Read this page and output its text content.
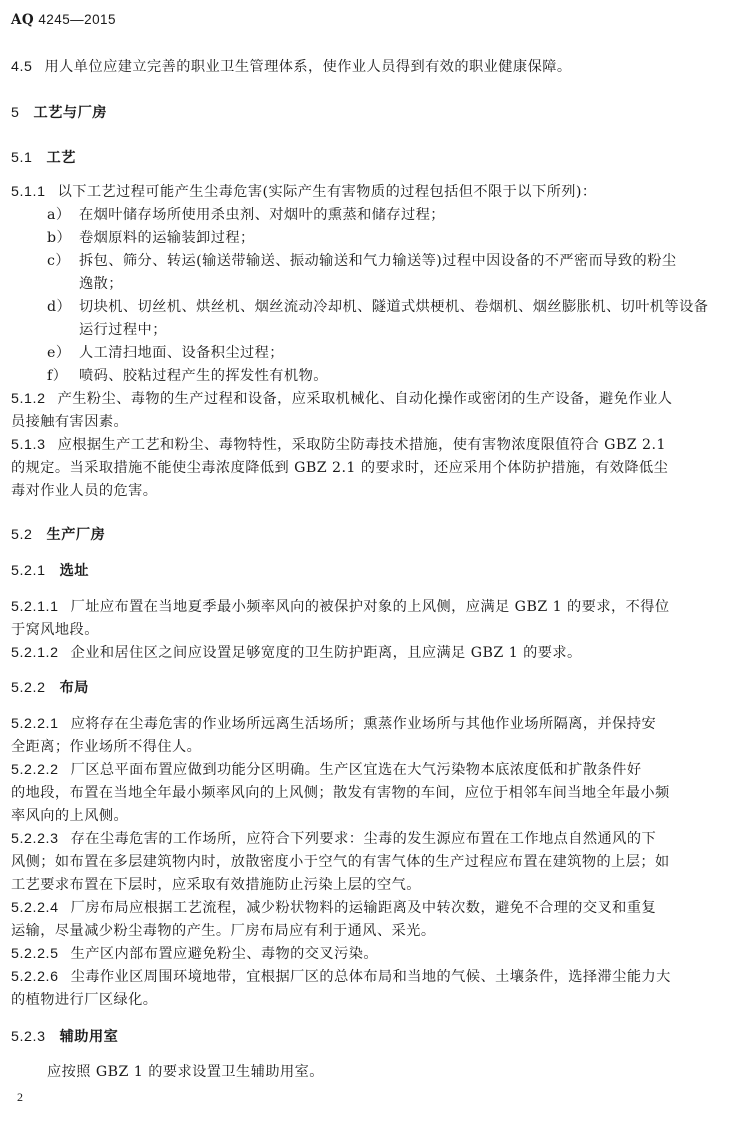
AQ 4245—2015
4.5 用人单位应建立完善的职业卫生管理体系，使作业人员得到有效的职业健康保障。
5 工艺与厂房
5.1 工艺
5.1.1 以下工艺过程可能产生尘毒危害(实际产生有害物质的过程包括但不限于以下所列)：
a） 在烟叶储存场所使用杀虫剂、对烟叶的熏蒸和储存过程；
b） 卷烟原料的运输装卸过程；
c） 拆包、筛分、转运(输送带输送、振动输送和气力输送等)过程中因设备的不严密而导致的粉尘
逸散；
d） 切块机、切丝机、烘丝机、烟丝流动冷却机、隧道式烘梗机、卷烟机、烟丝膨胀机、切叶机等设备
运行过程中；
e） 人工清扫地面、设备积尘过程；
f） 喷码、胶粘过程产生的挥发性有机物。
5.1.2 产生粉尘、毒物的生产过程和设备，应采取机械化、自动化操作或密闭的生产设备，避免作业人
员接触有害因素。
5.1.3 应根据生产工艺和粉尘、毒物特性，采取防尘防毒技术措施，使有害物浓度限值符合 GBZ 2.1
的规定。当采取措施不能使尘毒浓度降低到 GBZ 2.1 的要求时，还应采用个体防护措施，有效降低尘
毒对作业人员的危害。
5.2 生产厂房
5.2.1 选址
5.2.1.1 厂址应布置在当地夏季最小频率风向的被保护对象的上风侧，应满足 GBZ 1 的要求，不得位
于窝风地段。
5.2.1.2 企业和居住区之间应设置足够宽度的卫生防护距离，且应满足 GBZ 1 的要求。
5.2.2 布局
5.2.2.1 应将存在尘毒危害的作业场所远离生活场所；熏蒸作业场所与其他作业场所隔离，并保持安
全距离；作业场所不得住人。
5.2.2.2 厂区总平面布置应做到功能分区明确。生产区宜选在大气污染物本底浓度低和扩散条件好
的地段，布置在当地全年最小频率风向的上风侧；散发有害物的车间，应位于相邻车间当地全年最小频
率风向的上风侧。
5.2.2.3 存在尘毒危害的工作场所，应符合下列要求：尘毒的发生源应布置在工作地点自然通风的下
风侧；如布置在多层建筑物内时，放散密度小于空气的有害气体的生产过程应布置在建筑物的上层；如
工艺要求布置在下层时，应采取有效措施防止污染上层的空气。
5.2.2.4 厂房布局应根据工艺流程，减少粉状物料的运输距离及中转次数，避免不合理的交叉和重复
运输，尽量减少粉尘毒物的产生。厂房布局应有利于通风、采光。
5.2.2.5 生产区内部布置应避免粉尘、毒物的交叉污染。
5.2.2.6 尘毒作业区周围环境地带，宜根据厂区的总体布局和当地的气候、土壤条件，选择滞尘能力大
的植物进行厂区绿化。
5.2.3 辅助用室
应按照 GBZ 1 的要求设置卫生辅助用室。
2
